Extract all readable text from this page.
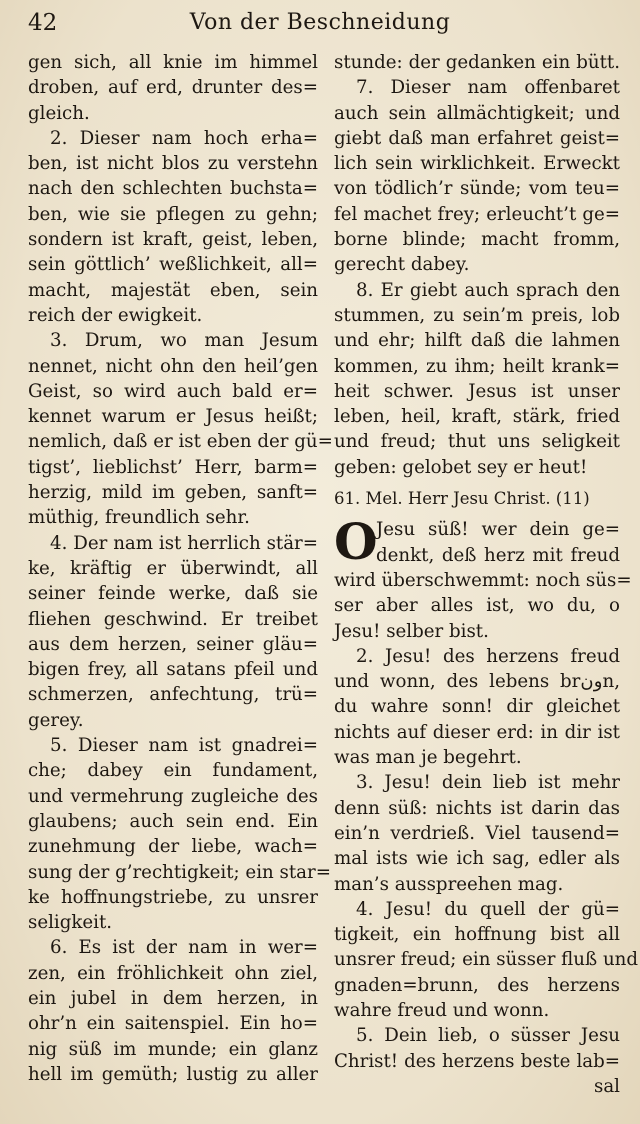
42	Von der Beschneidung
gen sich, all knie im himmel
droben, auf erd, drunter des=
gleich.
2. Dieser nam hoch erha=
ben, ist nicht blos zu verstehn
nach den schlechten buchsta=
ben, wie sie pflegen zu gehn;
sondern ist kraft, geist, leben,
sein göttlich’ weßlichkeit, all=
macht, majestät eben, sein
reich der ewigkeit.
3. Drum, wo man Jesum
nennet, nicht ohn den heil’gen
Geist, so wird auch bald er=
kennet warum er Jesus heißt;
nemlich, daß er ist eben der gü=
tigst’, lieblichst’ Herr, barm=
herzig, mild im geben, sanft=
müthig, freundlich sehr.
4. Der nam ist herrlich stär=
ke, kräftig er überwindt, all
seiner feinde werke, daß sie
fliehen geschwind. Er treibet
aus dem herzen, seiner gläu=
bigen frey, all satans pfeil und
schmerzen, anfechtung, trü=
gerey.
5. Dieser nam ist gnadrei=
che; dabey ein fundament,
und vermehrung zugleiche des
glaubens; auch sein end. Ein
zunehmung der liebe, wach=
sung der g’rechtigkeit; ein star=
ke hoffnungstriebe, zu unsrer
seligkeit.
6. Es ist der nam in wer=
zen, ein fröhlichkeit ohn ziel,
ein jubel in dem herzen, in
ohr’n ein saitenspiel. Ein ho=
nig süß im munde; ein glanz
hell im gemüth; lustig zu aller
stunde: der gedanken ein bütt.
7. Dieser nam offenbaret
auch sein allmächtigkeit; und
giebt daß man erfahret geist=
lich sein wirklichkeit. Erweckt
von tödlich’r sünde; vom teu=
fel machet frey; erleucht’t ge=
borne blinde; macht fromm,
gerecht dabey.
8. Er giebt auch sprach den
stummen, zu sein’m preis, lob
und ehr; hilft daß die lahmen
kommen, zu ihm; heilt krank=
heit schwer. Jesus ist unser
leben, heil, kraft, stärk, fried
und freud; thut uns seligkeit
geben: gelobet sey er heut!
61. Mel. Herr Jesu Christ. (11)
O
Jesu süß! wer dein ge=
denkt, deß herz mit freud
wird überschwemmt: noch süs=
ser aber alles ist, wo du, o
Jesu! selber bist.
2. Jesu! des herzens freud
und wonn, des lebens brونn,
du wahre sonn! dir gleichet
nichts auf dieser erd: in dir ist
was man je begehrt.
3. Jesu! dein lieb ist mehr
denn süß: nichts ist darin das
ein’n verdrieß. Viel tausend=
mal ists wie ich sag, edler als
man’s ausspreehen mag.
4. Jesu! du quell der gü=
tigkeit, ein hoffnung bist all
unsrer freud; ein süsser fluß und
gnaden=brunn, des herzens
wahre freud und wonn.
5. Dein lieb, o süsser Jesu
Christ! des herzens beste lab=
sal
